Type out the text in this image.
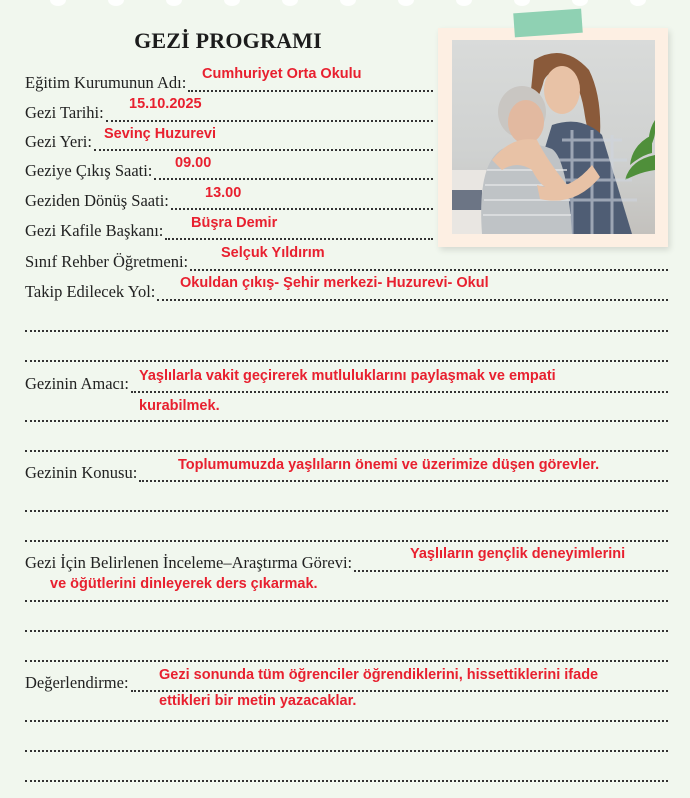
GEZİ PROGRAMI
Eğitim Kurumunun Adı: Cumhuriyet Orta Okulu
Gezi Tarihi: 15.10.2025
Gezi Yeri: Sevinç Huzurevi
Geziye Çıkış Saati: 09.00
Geziden Dönüş Saati: 13.00
Gezi Kafile Başkanı: Büşra Demir
Sınıf Rehber Öğretmeni: Selçuk Yıldırım
Takip Edilecek Yol: Okuldan çıkış- Şehir merkezi- Huzurevi- Okul
Gezinin Amacı: Yaşlılarla vakit geçirerek mutluluklarını paylaşmak ve empati
kurabilmek.
Gezinin Konusu:	Toplumumuzda yaşlıların önemi ve üzerimize düşen görevler.
Gezi İçin Belirlenen İnceleme–Araştırma Görevi:	Yaşlıların gençlik deneyimlerini
ve öğütlerini dinleyerek ders çıkarmak.
Değerlendirme: Gezi sonunda tüm öğrenciler öğrendiklerini, hissettiklerini ifade
ettikleri bir metin yazacaklar.
